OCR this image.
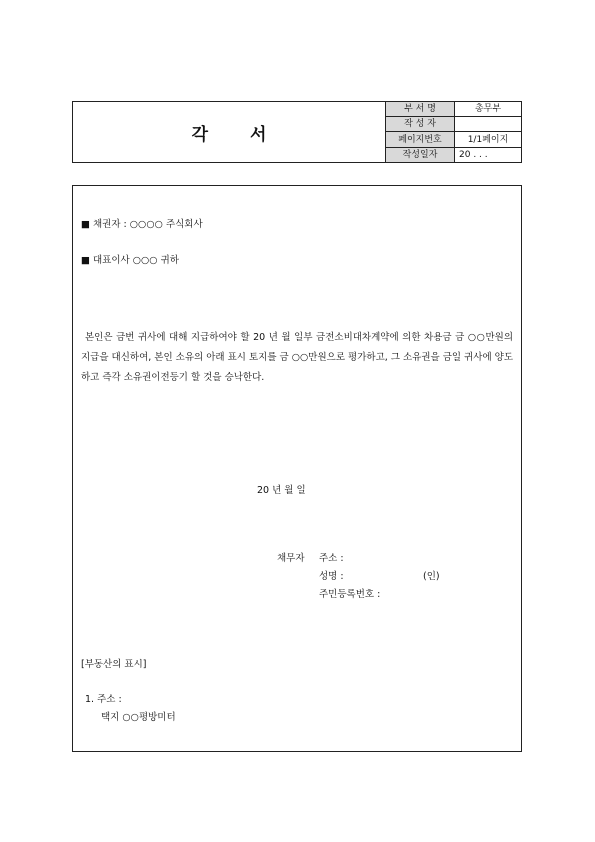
각 서
부 서 명	총무부
작 성 자	
페이지번호	1/1페이지
작성일자	20 . . .
■ 채권자 : ○○○○ 주식회사
■ 대표이사 ○○○ 귀하
본인은 금번 귀사에 대해 지급하여야 할 20 년 월 일부 금전소비대차계약에 의한 차용금 금 ○○만원의 지급을 대신하여, 본인 소유의 아래 표시 토지를 금 ○○만원으로 평가하고, 그 소유권을 금일 귀사에 양도하고 즉각 소유권이전등기 할 것을 승낙한다.
20 년 월 일
채무자 주소 :
성명 :	(인)
주민등록번호 :
[부동산의 표시]
1. 주소 :
택지 ○○평방미터
